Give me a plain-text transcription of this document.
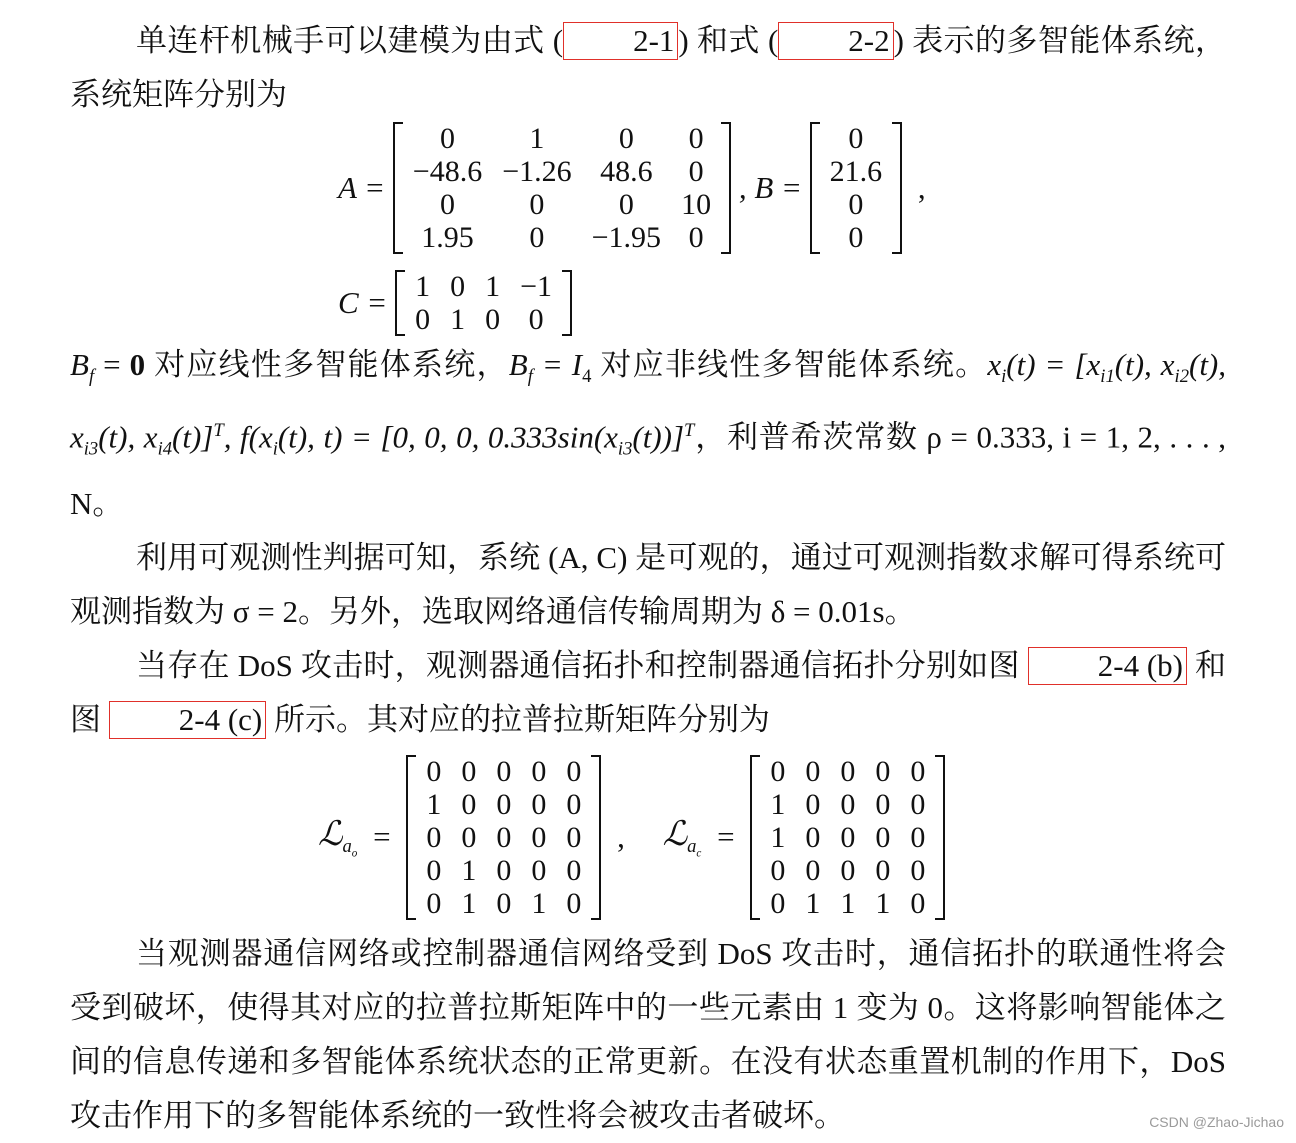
单连杆机械手可以建模为由式 ( 2-1 ) 和式 ( 2-2 ) 表示的多智能体系统，系统矩阵分别为

A =
0	1	0	0
−48.6	−1.26	48.6	0
0	0	0	10
1.95	0	−1.95	0
, B =
0
21.6
0
0
,
C = 1	0	1	−1
0	1	0	0

$B_f = 0$ 对应线性多智能体系统，$B_f = I_4$ 对应非线性多智能体系统。$x_i(t) = [x_{i1}(t)$, $x_{i2}(t)$, $x_{i3}(t)$, $x_{i4}(t)]^T$, $f(x_i(t)$, t) = [0, 0, 0, $0.333\sin(x_{i3}(t))]^T$，利普希茨常数 ρ = 0.333, i = 1, 2, . . . , N。

利用可观测性判据可知，系统 (A, C) 是可观的，通过可观测指数求解可得系统可观测指数为 σ = 2。另外，选取网络通信传输周期为 δ = 0.01s。

当存在 DoS 攻击时，观测器通信拓扑和控制器通信拓扑分别如图 2-4 (b) 和图 2-4 (c) 所示。其对应的拉普拉斯矩阵分别为

ℒ$_{a_o}$ =
0	0	0	0	0
1	0	0	0	0
0	0	0	0	0
0	1	0	0	0
0	1	0	1	0
, ℒ$_{a_c}$ =
0	0	0	0	0
1	0	0	0	0
1	0	0	0	0
0	0	0	0	0
0	1	1	1	0

当观测器通信网络或控制器通信网络受到 DoS 攻击时，通信拓扑的联通性将会受到破坏，使得其对应的拉普拉斯矩阵中的一些元素由 1 变为 0。这将影响智能体之间的信息传递和多智能体系统状态的正常更新。在没有状态重置机制的作用下，DoS 攻击作用下的多智能体系统的一致性将会被攻击者破坏。	CSDN @Zhao-Jichao
